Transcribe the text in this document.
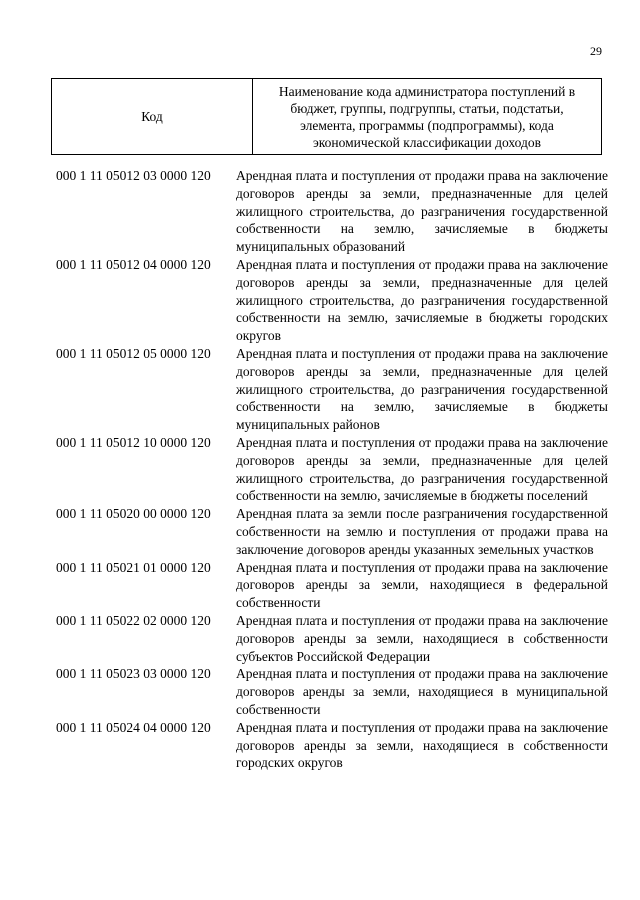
29
Код	Наименование кода администратора поступлений в бюджет, группы, подгруппы, статьи, подстатьи, элемента, программы (подпрограммы), кода экономической классификации доходов
000 1 11 05012 03 0000 120	Арендная плата и поступления от продажи права на заключение договоров аренды за земли, предназначенные для целей жилищного строительства, до разграничения государственной собственности на землю, зачисляемые в бюджеты муниципальных образований
000 1 11 05012 04 0000 120	Арендная плата и поступления от продажи права на заключение договоров аренды за земли, предназначенные для целей жилищного строительства, до разграничения государственной собственности на землю, зачисляемые в бюджеты городских округов
000 1 11 05012 05 0000 120	Арендная плата и поступления от продажи права на заключение договоров аренды за земли, предназначенные для целей жилищного строительства, до разграничения государственной собственности на землю, зачисляемые в бюджеты муниципальных районов
000 1 11 05012 10 0000 120	Арендная плата и поступления от продажи права на заключение договоров аренды за земли, предназначенные для целей жилищного строительства, до разграничения государственной собственности на землю, зачисляемые в бюджеты поселений
000 1 11 05020 00 0000 120	Арендная плата за земли после разграничения государственной собственности на землю и поступления от продажи права на заключение договоров аренды указанных земельных участков
000 1 11 05021 01 0000 120	Арендная плата и поступления от продажи права на заключение договоров аренды за земли, находящиеся в федеральной собственности
000 1 11 05022 02 0000 120	Арендная плата и поступления от продажи права на заключение договоров аренды за земли, находящиеся в собственности субъектов Российской Федерации
000 1 11 05023 03 0000 120	Арендная плата и поступления от продажи права на заключение договоров аренды за земли, находящиеся в муниципальной собственности
000 1 11 05024 04 0000 120	Арендная плата и поступления от продажи права на заключение договоров аренды за земли, находящиеся в собственности городских округов
